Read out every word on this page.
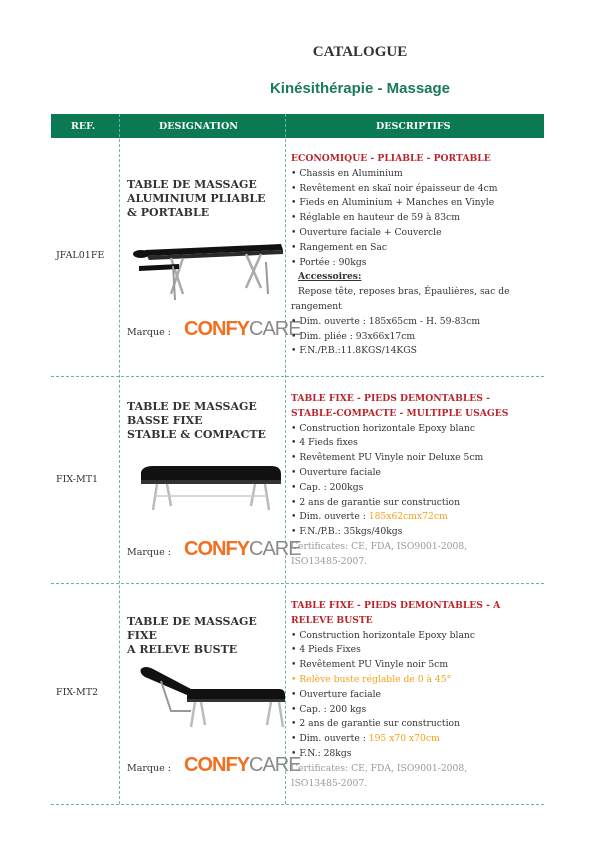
CATALOGUE
Kinésithérapie - Massage
REF.	DESIGNATION	DESCRIPTIFS
JFAL01FE
TABLE DE MASSAGE
ALUMINIUM PLIABLE
& PORTABLE
Marque : CONFYCARE
ECONOMIQUE - PLIABLE - PORTABLE
• Chassis en Aluminium
• Revêtement en skaï noir épaisseur de 4cm
• Fieds en Aluminium + Manches en Vinyle
• Réglable en hauteur de 59 à 83cm
• Ouverture faciale + Couvercle
• Rangement en Sac
• Portée : 90kgs
Accessoires:
Repose tête, reposes bras, Épaulières, sac de
rangement
• Dim. ouverte : 185x65cm - H. 59-83cm
• Dim. pliée : 93x66x17cm
• F.N./P.B.:11.8KGS/14KGS
FIX-MT1
TABLE DE MASSAGE
BASSE FIXE
STABLE & COMPACTE
Marque : CONFYCARE
TABLE FIXE - PIEDS DEMONTABLES -
STABLE-COMPACTE - MULTIPLE USAGES
• Construction horizontale Epoxy blanc
• 4 Fieds fixes
• Revêtement PU Vinyle noir Deluxe 5cm
• Ouverture faciale
• Cap. : 200kgs
• 2 ans de garantie sur construction
• Dim. ouverte : 185x62cmx72cm
• F.N./P.B.: 35kgs/40kgs
Certificates: CE, FDA, ISO9001-2008,
ISO13485-2007.
FIX-MT2
TABLE DE MASSAGE
FIXE
A RELEVE BUSTE
Marque : CONFYCARE
TABLE FIXE - PIEDS DEMONTABLES - A
RELEVE BUSTE
• Construction horizontale Epoxy blanc
• 4 Pieds Fixes
• Revêtement PU Vinyle noir 5cm
• Relève buste réglable de 0 à 45°
• Ouverture faciale
• Cap. : 200 kgs
• 2 ans de garantie sur construction
• Dim. ouverte : 195 x70 x70cm
• F.N.: 28kgs
Certificates: CE, FDA, ISO9001-2008,
ISO13485-2007.
